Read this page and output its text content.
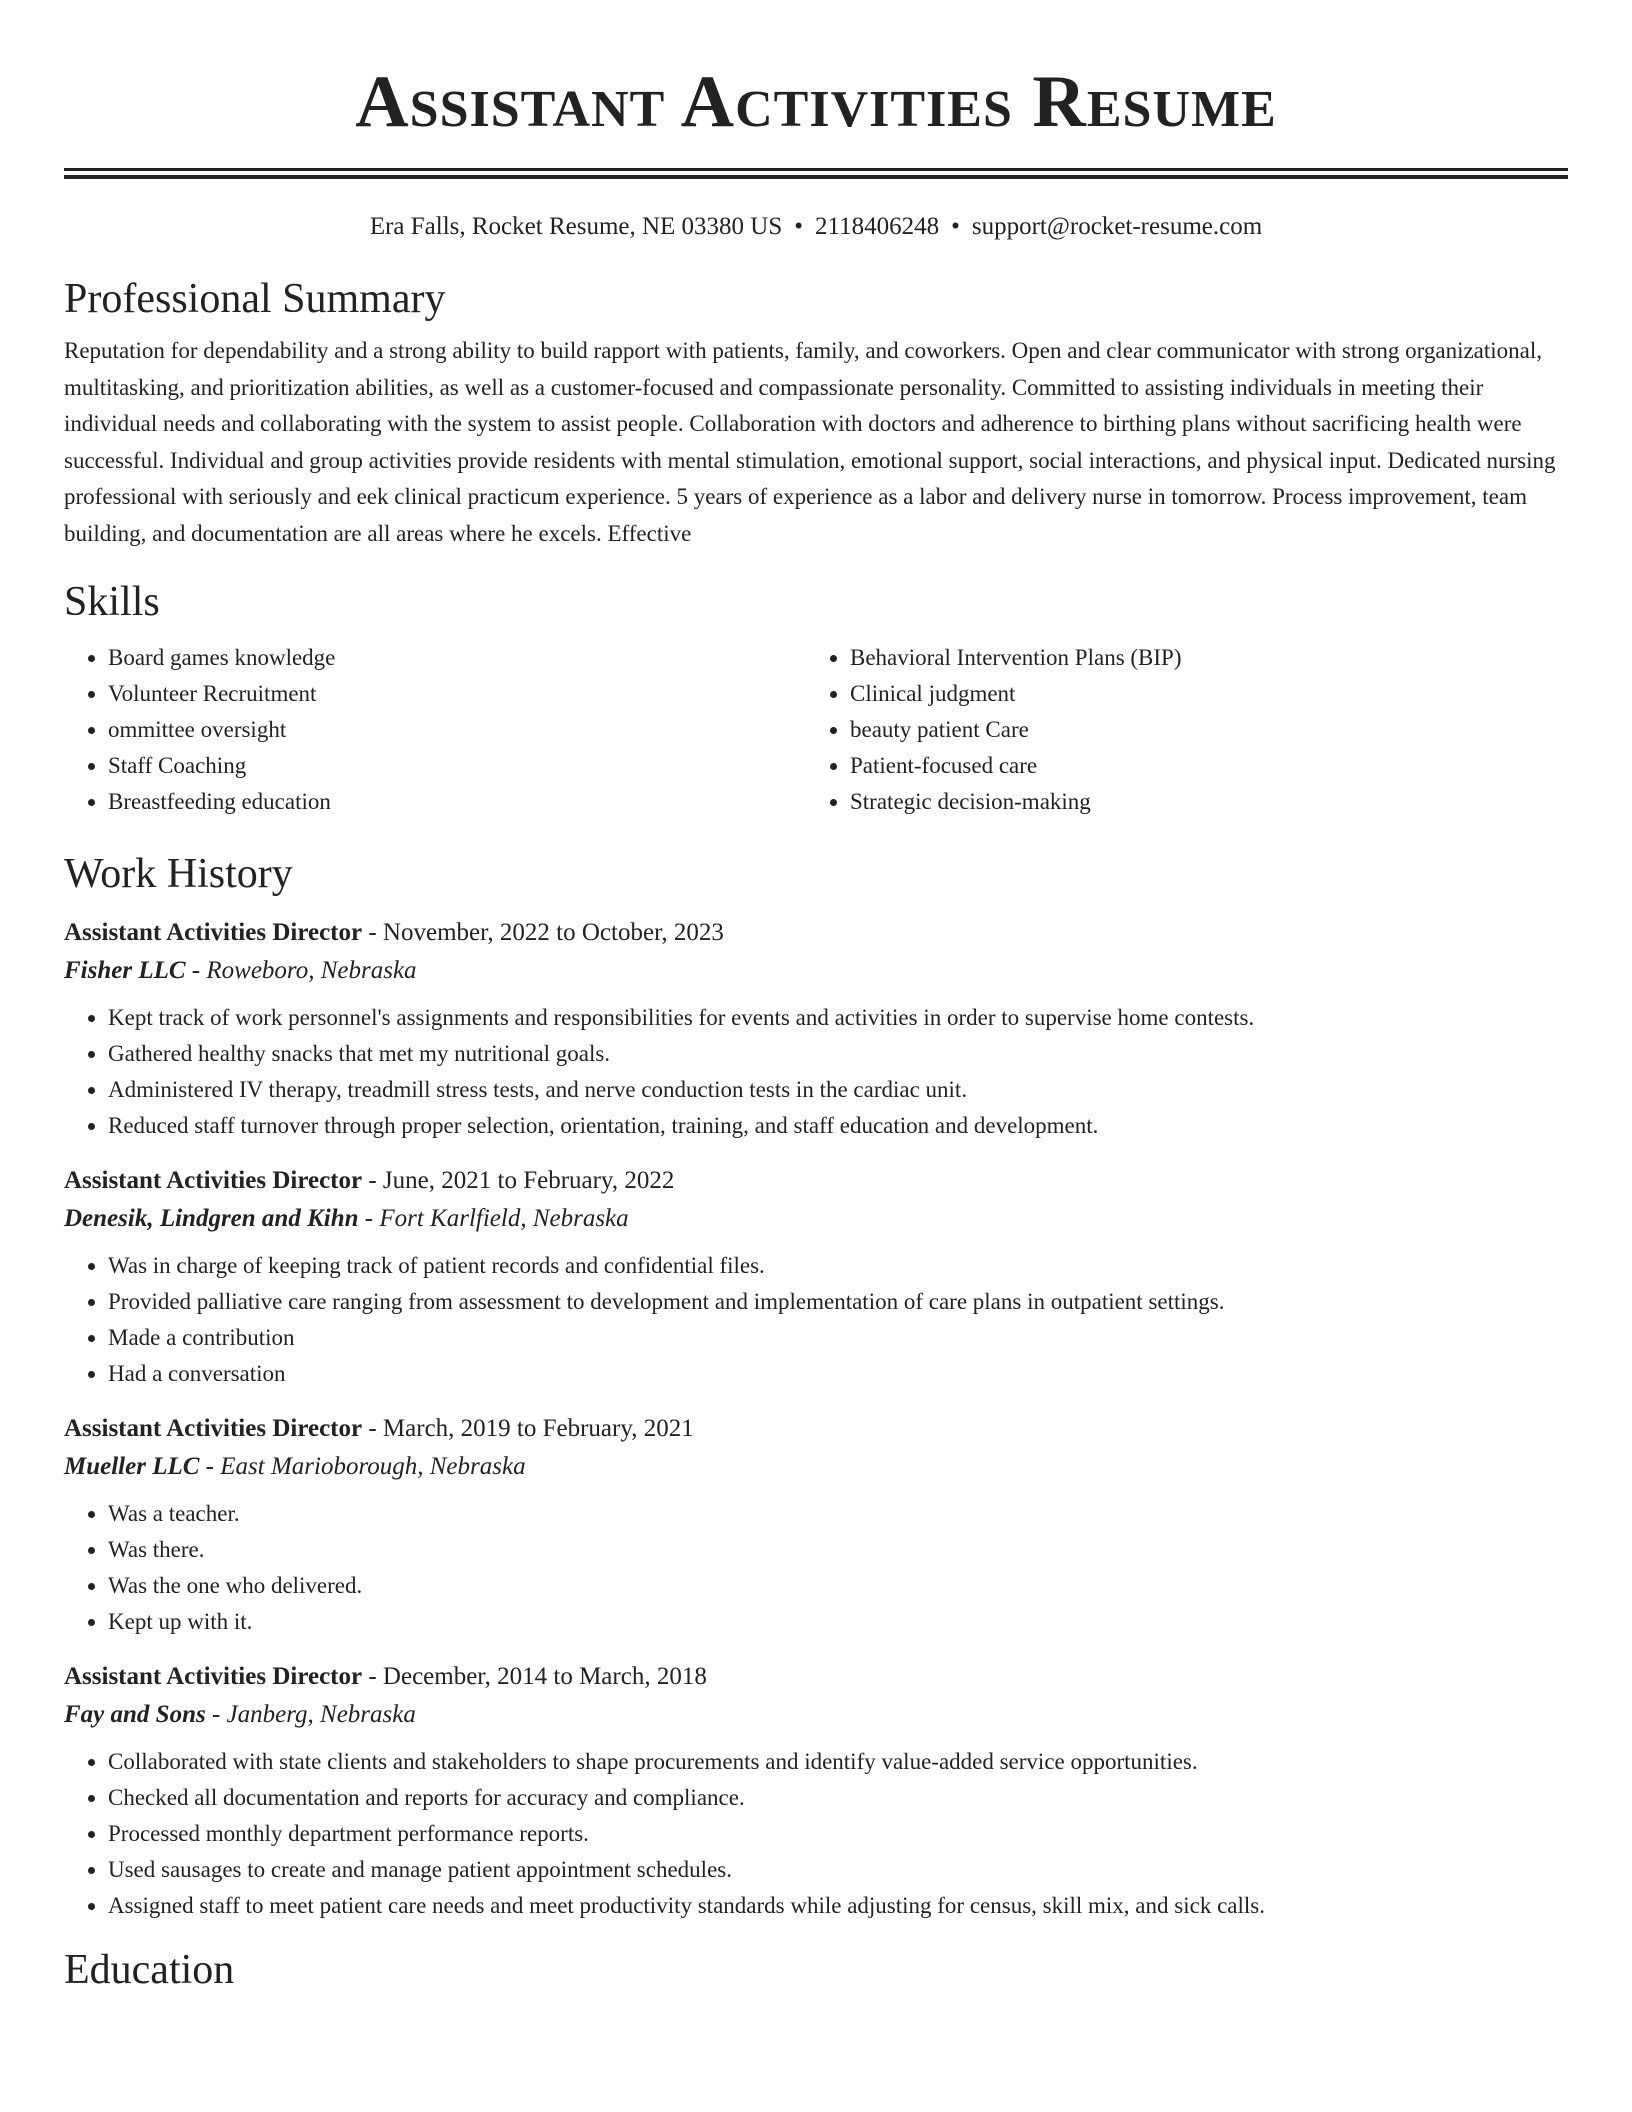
Assistant Activities Resume
Era Falls, Rocket Resume, NE 03380 US • 2118406248 • support@rocket-resume.com
Professional Summary

Reputation for dependability and a strong ability to build rapport with patients, family, and coworkers. Open and clear communicator with strong organizational, multitasking, and prioritization abilities, as well as a customer-focused and compassionate personality. Committed to assisting individuals in meeting their individual needs and collaborating with the system to assist people. Collaboration with doctors and adherence to birthing plans without sacrificing health were successful. Individual and group activities provide residents with mental stimulation, emotional support, social interactions, and physical input. Dedicated nursing professional with seriously and eek clinical practicum experience. 5 years of experience as a labor and delivery nurse in tomorrow. Process improvement, team building, and documentation are all areas where he excels. Effective

Skills
• Board games knowledge
• Volunteer Recruitment
• ommittee oversight
• Staff Coaching
• Breastfeeding education
• Behavioral Intervention Plans (BIP)
• Clinical judgment
• beauty patient Care
• Patient-focused care
• Strategic decision-making
Work History
Assistant Activities Director - November, 2022 to October, 2023
Fisher LLC - Roweboro, Nebraska
• Kept track of work personnel's assignments and responsibilities for events and activities in order to supervise home contests.
• Gathered healthy snacks that met my nutritional goals.
• Administered IV therapy, treadmill stress tests, and nerve conduction tests in the cardiac unit.
• Reduced staff turnover through proper selection, orientation, training, and staff education and development.
Assistant Activities Director - June, 2021 to February, 2022
Denesik, Lindgren and Kihn - Fort Karlfield, Nebraska
• Was in charge of keeping track of patient records and confidential files.
• Provided palliative care ranging from assessment to development and implementation of care plans in outpatient settings.
• Made a contribution
• Had a conversation
Assistant Activities Director - March, 2019 to February, 2021
Mueller LLC - East Marioborough, Nebraska
• Was a teacher.
• Was there.
• Was the one who delivered.
• Kept up with it.
Assistant Activities Director - December, 2014 to March, 2018
Fay and Sons - Janberg, Nebraska
• Collaborated with state clients and stakeholders to shape procurements and identify value-added service opportunities.
• Checked all documentation and reports for accuracy and compliance.
• Processed monthly department performance reports.
• Used sausages to create and manage patient appointment schedules.
• Assigned staff to meet patient care needs and meet productivity standards while adjusting for census, skill mix, and sick calls.
Education
